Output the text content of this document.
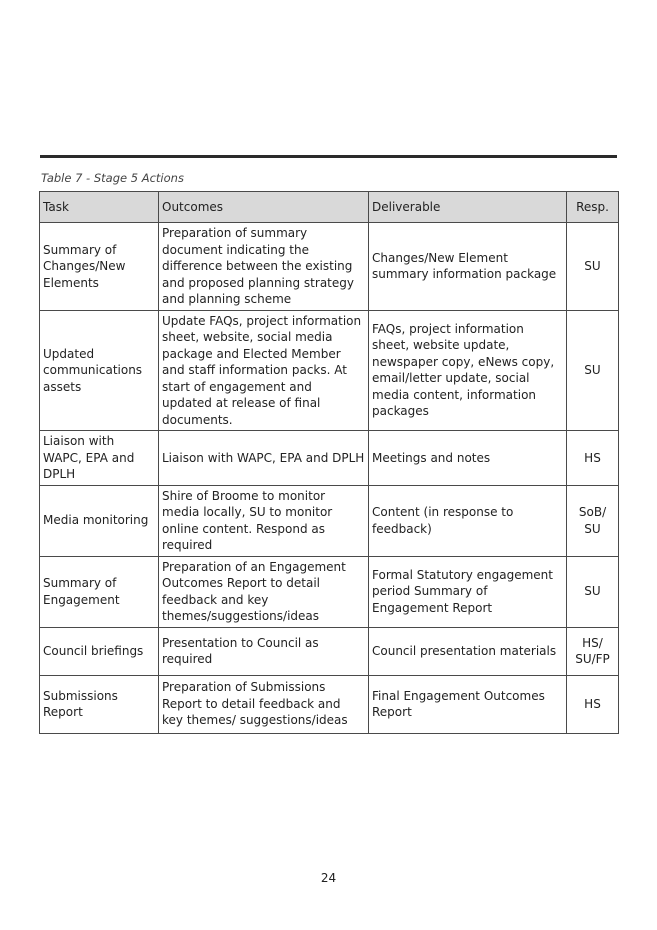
Table 7 - Stage 5 Actions
Task	Outcomes	Deliverable	Resp.
Summary of Changes/New Elements	Preparation of summary document indicating the difference between the existing and proposed planning strategy and planning scheme	Changes/New Element summary information package	SU
Updated communications assets	Update FAQs, project information sheet, website, social media package and Elected Member and staff information packs. At start of engagement and updated at release of final documents.	FAQs, project information sheet, website update, newspaper copy, eNews copy, email/letter update, social media content, information packages	SU
Liaison with WAPC, EPA and DPLH	Liaison with WAPC, EPA and DPLH	Meetings and notes	HS
Media monitoring	Shire of Broome to monitor media locally, SU to monitor online content. Respond as required	Content (in response to feedback)	SoB/ SU
Summary of Engagement	Preparation of an Engagement Outcomes Report to detail feedback and key themes/suggestions/ideas	Formal Statutory engagement period Summary of Engagement Report	SU
Council briefings	Presentation to Council as required	Council presentation materials	HS/ SU/FP
Submissions Report	Preparation of Submissions Report to detail feedback and key themes/ suggestions/ideas	Final Engagement Outcomes Report	HS
24
